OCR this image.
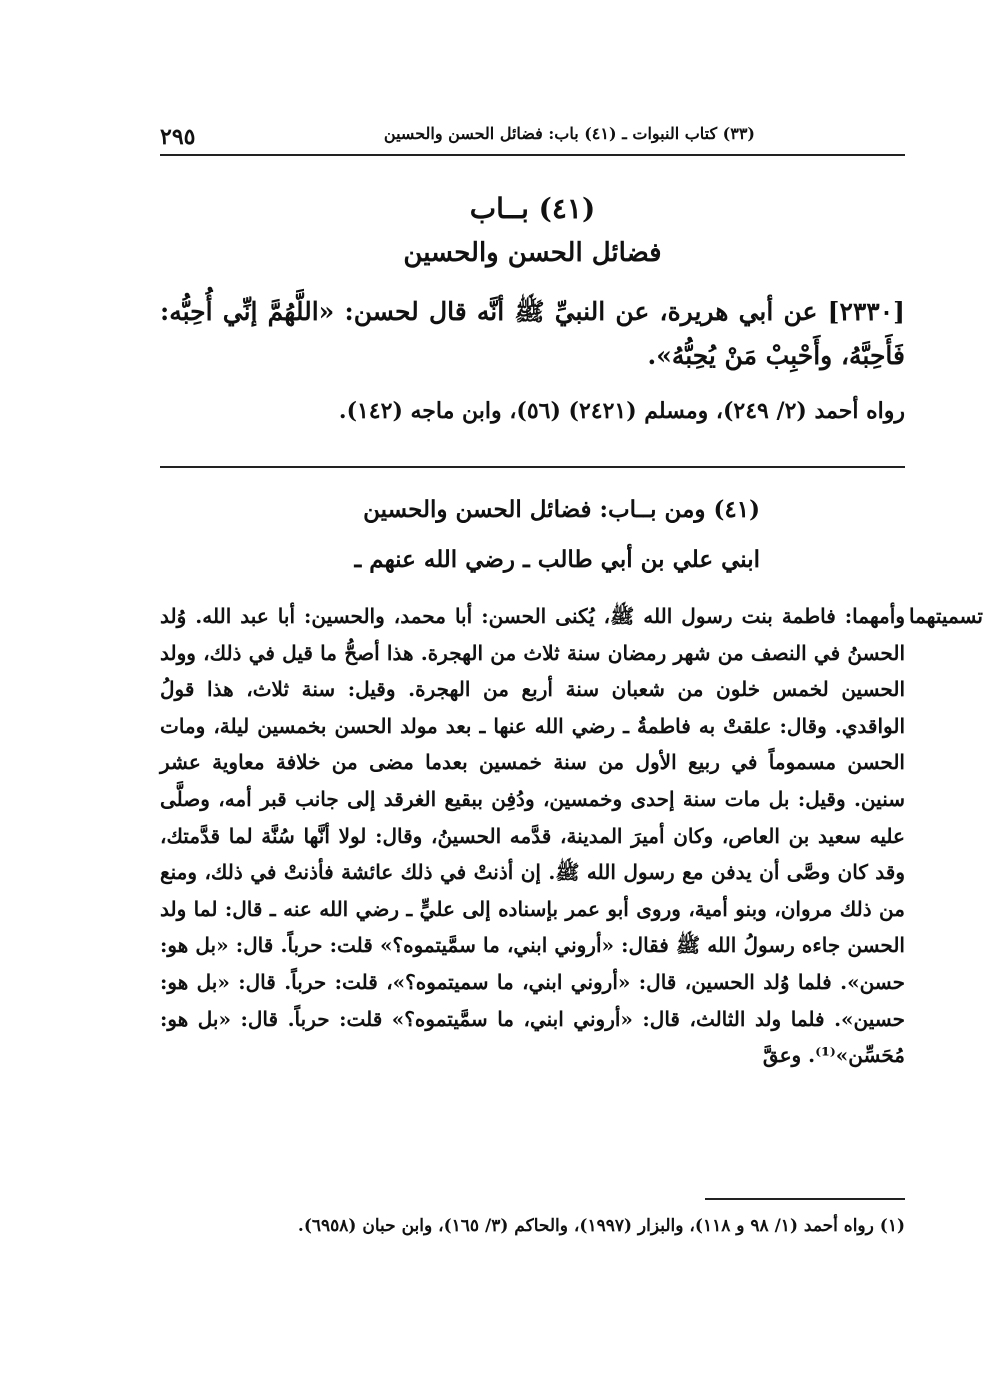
٢٩٥	(٣٣) كتاب النبوات ـ (٤١) باب: فضائل الحسن والحسين
(٤١) بــاب
فضائل الحسن والحسين
[٢٣٣٠] عن أبي هريرة، عن النبيِّ ﷺ أنَّه قال لحسن: «اللَّهُمَّ إنِّي أُحِبُّه: فَأَحِبَّهُ، وأَحْبِبْ مَنْ يُحِبُّهُ».
رواه أحمد (٢/ ٢٤٩)، ومسلم (٢٤٢١) (٥٦)، وابن ماجه (١٤٢).
(٤١) ومن بــاب: فضائل الحسن والحسين
ابني علي بن أبي طالب ـ رضي الله عنهم ـ
تسميتهما
وأمهما: فاطمة بنت رسول الله ﷺ، يُكنى الحسن: أبا محمد، والحسين: أبا عبد الله. وُلد الحسنُ في النصف من شهر رمضان سنة ثلاث من الهجرة. هذا أصحُّ ما قيل في ذلك، وولد الحسين لخمس خلون من شعبان سنة أربع من الهجرة. وقيل: سنة ثلاث، هذا قولُ الواقدي. وقال: علقتْ به فاطمةُ ـ رضي الله عنها ـ بعد مولد الحسن بخمسين ليلة، ومات الحسن مسموماً في ربيع الأول من سنة خمسين بعدما مضى من خلافة معاوية عشر سنين. وقيل: بل مات سنة إحدى وخمسين، ودُفِن ببقيع الغرقد إلى جانب قبر أمه، وصلَّى عليه سعيد بن العاص، وكان أميرَ المدينة، قدَّمه الحسينُ، وقال: لولا أنَّها سُنَّة لما قدَّمتك، وقد كان وصَّى أن يدفن مع رسول الله ﷺ. إن أذنتْ في ذلك عائشة فأذنتْ في ذلك، ومنع من ذلك مروان، وبنو أمية، وروى أبو عمر بإسناده إلى عليٍّ ـ رضي الله عنه ـ قال: لما ولد الحسن جاءه رسولُ الله ﷺ فقال: «أروني ابني، ما سمَّيتموه؟» قلت: حرباً. قال: «بل هو: حسن». فلما وُلد الحسين، قال: «أروني ابني، ما سميتموه؟»، قلت: حرباً. قال: «بل هو: حسين». فلما ولد الثالث، قال: «أروني ابني، ما سمَّيتموه؟» قلت: حرباً. قال: «بل هو: مُحَسِّن»⁽¹⁾. وعقَّ
(١) رواه أحمد (١/ ٩٨ و ١١٨)، والبزار (١٩٩٧)، والحاكم (٣/ ١٦٥)، وابن حبان (٦٩٥٨).
